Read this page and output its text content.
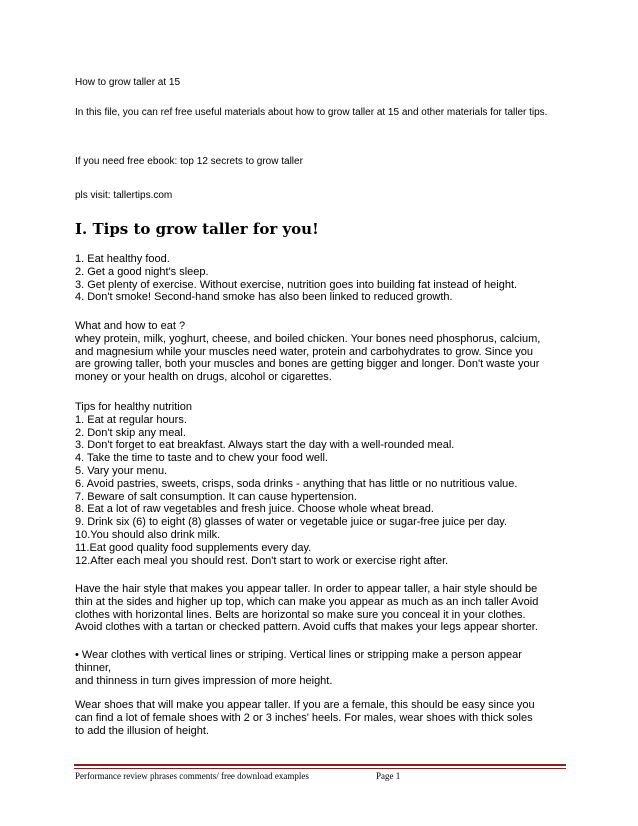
How to grow taller at 15
In this file, you can ref free useful materials about how to grow taller at 15 and other materials for taller tips.
If you need free ebook: top 12 secrets to grow taller
pls visit: tallertips.com
I. Tips to grow taller for you!
1. Eat healthy food.
2. Get a good night's sleep.
3. Get plenty of exercise. Without exercise, nutrition goes into building fat instead of height.
4. Don't smoke! Second-hand smoke has also been linked to reduced growth.
What and how to eat ?
whey protein, milk, yoghurt, cheese, and boiled chicken. Your bones need phosphorus, calcium,
and magnesium while your muscles need water, protein and carbohydrates to grow. Since you
are growing taller, both your muscles and bones are getting bigger and longer. Don't waste your
money or your health on drugs, alcohol or cigarettes.
Tips for healthy nutrition
1. Eat at regular hours.
2. Don't skip any meal.
3. Don't forget to eat breakfast. Always start the day with a well-rounded meal.
4. Take the time to taste and to chew your food well.
5. Vary your menu.
6. Avoid pastries, sweets, crisps, soda drinks - anything that has little or no nutritious value.
7. Beware of salt consumption. It can cause hypertension.
8. Eat a lot of raw vegetables and fresh juice. Choose whole wheat bread.
9. Drink six (6) to eight (8) glasses of water or vegetable juice or sugar-free juice per day.
10.You should also drink milk.
11.Eat good quality food supplements every day.
12.After each meal you should rest. Don't start to work or exercise right after.
Have the hair style that makes you appear taller. In order to appear taller, a hair style should be
thin at the sides and higher up top, which can make you appear as much as an inch taller Avoid
clothes with horizontal lines. Belts are horizontal so make sure you conceal it in your clothes.
Avoid clothes with a tartan or checked pattern. Avoid cuffs that makes your legs appear shorter.
• Wear clothes with vertical lines or striping. Vertical lines or stripping make a person appear
thinner,
and thinness in turn gives impression of more height.
Wear shoes that will make you appear taller. If you are a female, this should be easy since you
can find a lot of female shoes with 2 or 3 inches' heels. For males, wear shoes with thick soles
to add the illusion of height.
Performance review phrases comments/ free download examples	Page 1
